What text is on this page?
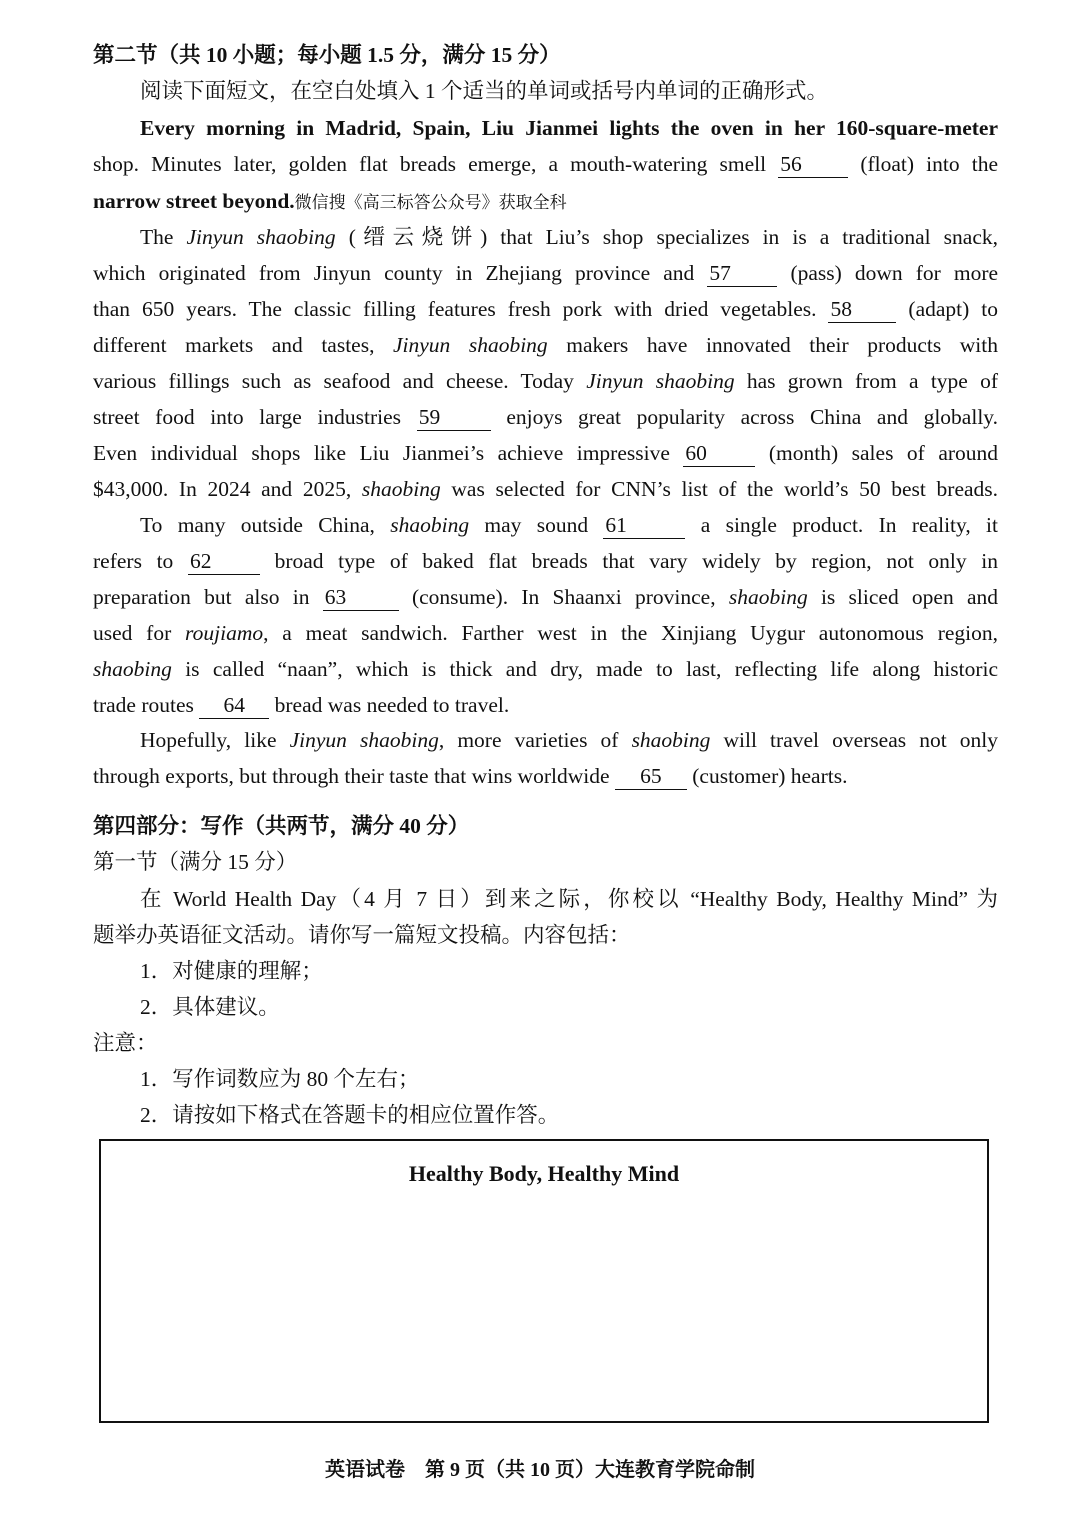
第二节（共 10 小题；每小题 1.5 分，满分 15 分）
阅读下面短文，在空白处填入 1 个适当的单词或括号内单词的正确形式。
Every morning in Madrid, Spain, Liu Jianmei lights the oven in her 160-square-meter
shop. Minutes later, golden flat breads emerge, a mouth-watering smell 56	(float) into the
narrow street beyond.微信搜《高三标答公众号》获取全科
The Jinyun shaobing (缙云烧饼) that Liu’s shop specializes in is a traditional snack,
which originated from Jinyun county in Zhejiang province and 57	(pass) down for more
than 650 years. The classic filling features fresh pork with dried vegetables. 58	(adapt) to
different markets and tastes, Jinyun shaobing makers have innovated their products with
various fillings such as seafood and cheese. Today Jinyun shaobing has grown from a type of
street food into large industries 59	enjoys great popularity across China and globally.
Even individual shops like Liu Jianmei’s achieve impressive 60	(month) sales of around
$43,000. In 2024 and 2025, shaobing was selected for CNN’s list of the world’s 50 best breads.
To many outside China, shaobing may sound 61	a single product. In reality, it
refers to 62	broad type of baked flat breads that vary widely by region, not only in
preparation but also in 63	(consume). In Shaanxi province, shaobing is sliced open and
used for roujiamo, a meat sandwich. Farther west in the Xinjiang Uygur autonomous region,
shaobing is called “naan”, which is thick and dry, made to last, reflecting life along historic
trade routes 64 bread was needed to travel.
Hopefully, like Jinyun shaobing, more varieties of shaobing will travel overseas not only
through exports, but through their taste that wins worldwide 65 (customer) hearts.
第四部分：写作（共两节，满分 40 分）
第一节（满分 15 分）
在 World Health Day（4 月 7 日）到来之际，你校以 “Healthy Body, Healthy Mind” 为
题举办英语征文活动。请你写一篇短文投稿。内容包括：
1．对健康的理解；
2．具体建议。
注意：
1．写作词数应为 80 个左右；
2．请按如下格式在答题卡的相应位置作答。
Healthy Body, Healthy Mind
英语试卷　第 9 页（共 10 页）大连教育学院命制
